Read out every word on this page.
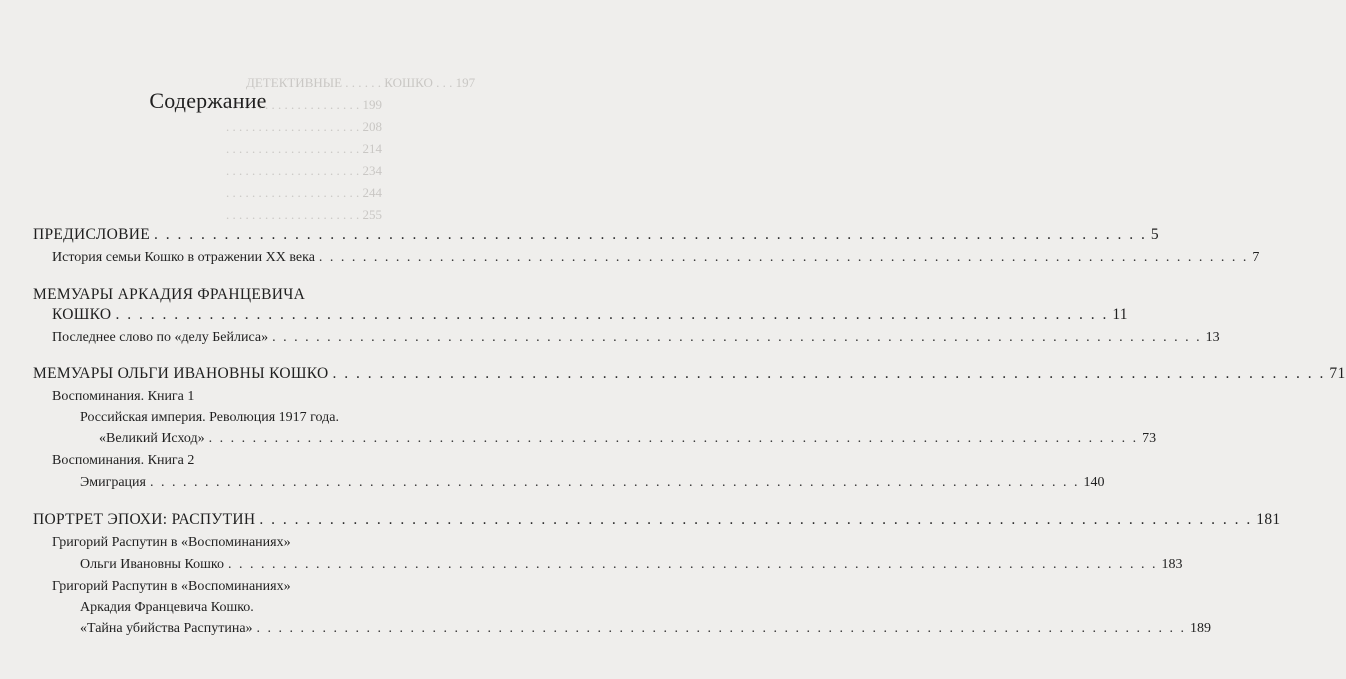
ДЕТЕКТИВНЫЕ . . . . . . КОШКО . . . 197
. . . . . . . . . . . . . . . . . . . . . 199
. . . . . . . . . . . . . . . . . . . . . 208
. . . . . . . . . . . . . . . . . . . . . 214
. . . . . . . . . . . . . . . . . . . . . 234
. . . . . . . . . . . . . . . . . . . . . 244
. . . . . . . . . . . . . . . . . . . . . 255
Содержание
ПРЕДИСЛОВИЕ . . .	5
История семьи Кошко в отражении XX века . . .	7
МЕМУАРЫ АРКАДИЯ ФРАНЦЕВИЧА
КОШКО . . .	11
Последнее слово по «делу Бейлиса» . . .	13
МЕМУАРЫ ОЛЬГИ ИВАНОВНЫ КОШКО . . .	71
Воспоминания. Книга 1
Российская империя. Революция 1917 года.
«Великий Исход» . . .	73
Воспоминания. Книга 2
Эмиграция . . .	140
ПОРТРЕТ ЭПОХИ: РАСПУТИН . . .	181
Григорий Распутин в «Воспоминаниях»
Ольги Ивановны Кошко . . .	183
Григорий Распутин в «Воспоминаниях»
Аркадия Францевича Кошко.
«Тайна убийства Распутина» . . .	189
